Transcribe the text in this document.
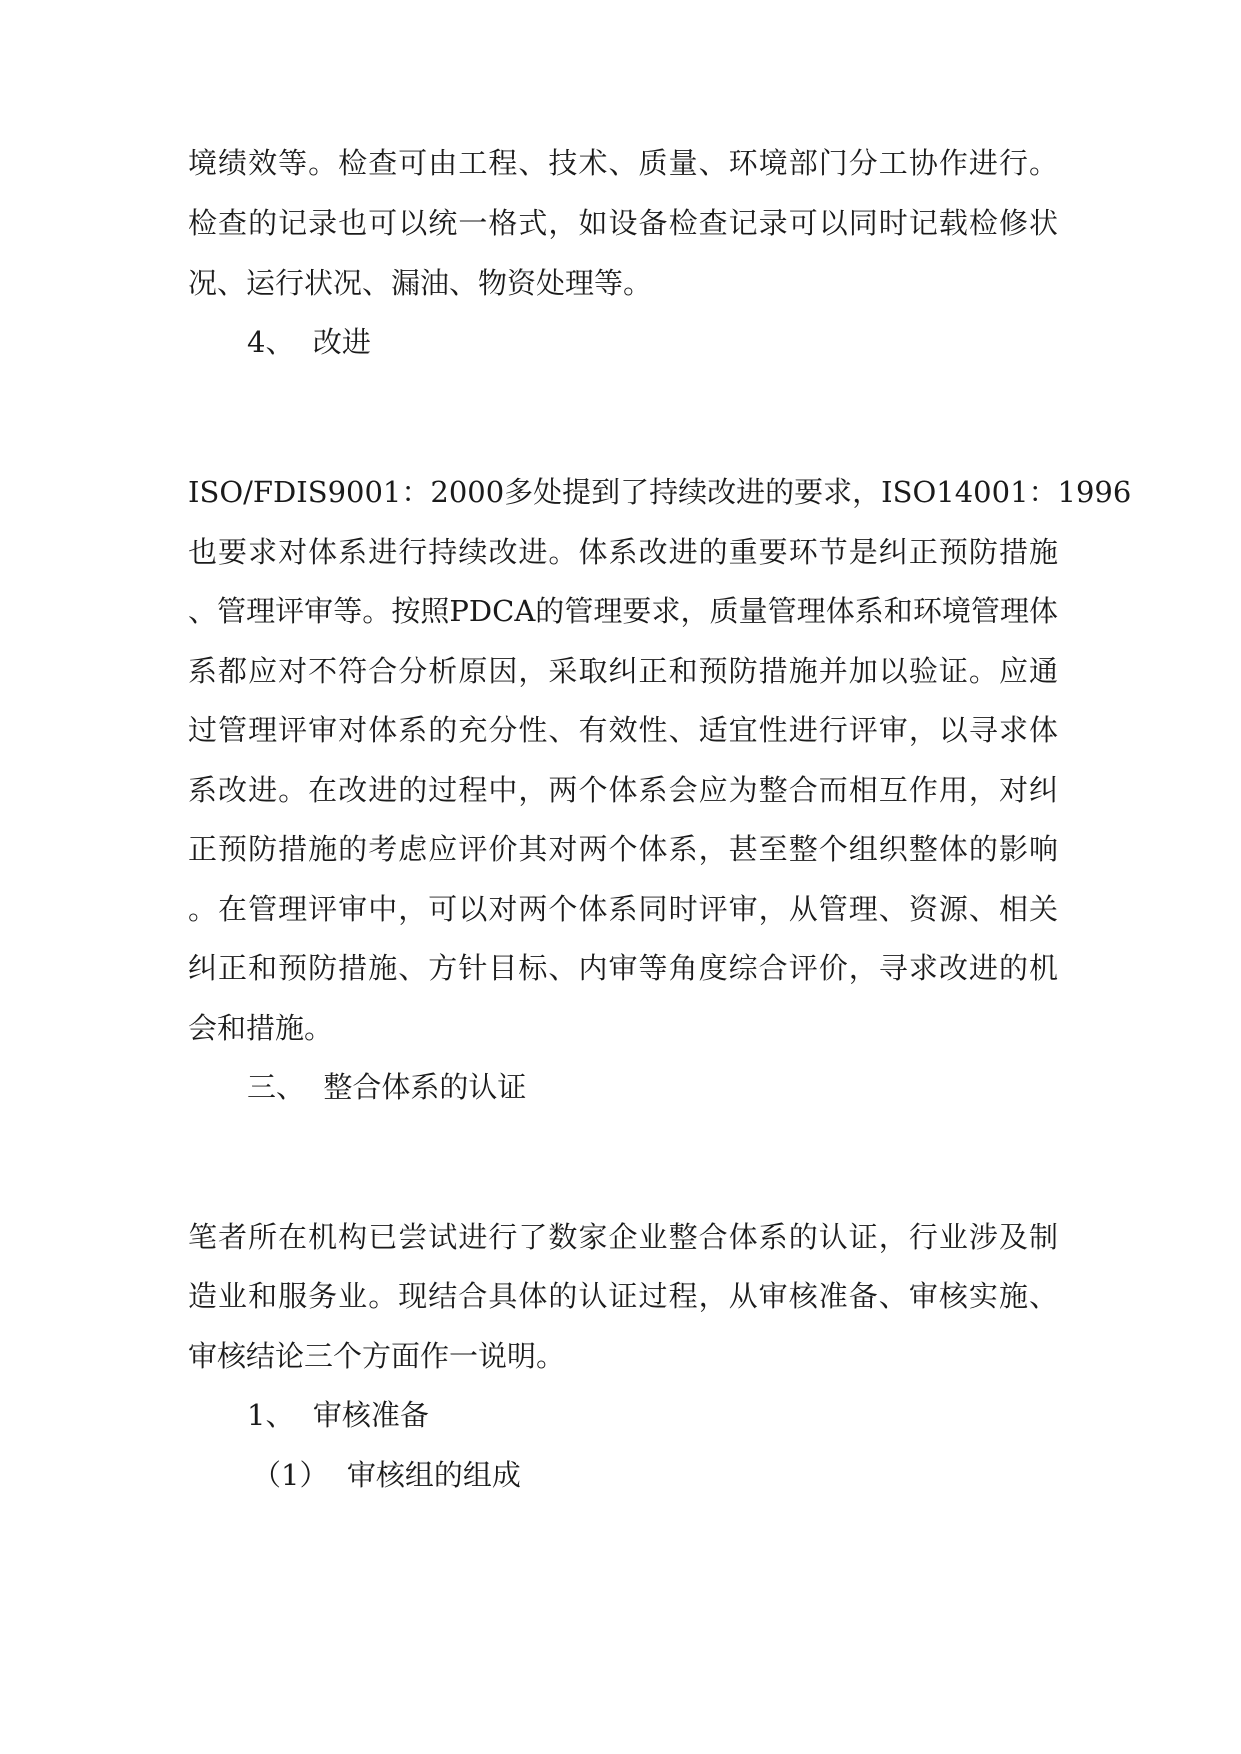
境绩效等。检查可由工程、技术、质量、环境部门分工协作进行。
检查的记录也可以统一格式，如设备检查记录可以同时记载检修状
况、运行状况、漏油、物资处理等。
4、  改进
ISO/FDIS9001：2000多处提到了持续改进的要求，ISO14001：1996
也要求对体系进行持续改进。体系改进的重要环节是纠正预防措施
、管理评审等。按照PDCA的管理要求，质量管理体系和环境管理体
系都应对不符合分析原因，采取纠正和预防措施并加以验证。应通
过管理评审对体系的充分性、有效性、适宜性进行评审，以寻求体
系改进。在改进的过程中，两个体系会应为整合而相互作用，对纠
正预防措施的考虑应评价其对两个体系，甚至整个组织整体的影响
。在管理评审中，可以对两个体系同时评审，从管理、资源、相关
纠正和预防措施、方针目标、内审等角度综合评价，寻求改进的机
会和措施。
三、  整合体系的认证
笔者所在机构已尝试进行了数家企业整合体系的认证，行业涉及制
造业和服务业。现结合具体的认证过程，从审核准备、审核实施、
审核结论三个方面作一说明。
1、  审核准备
（1）  审核组的组成
